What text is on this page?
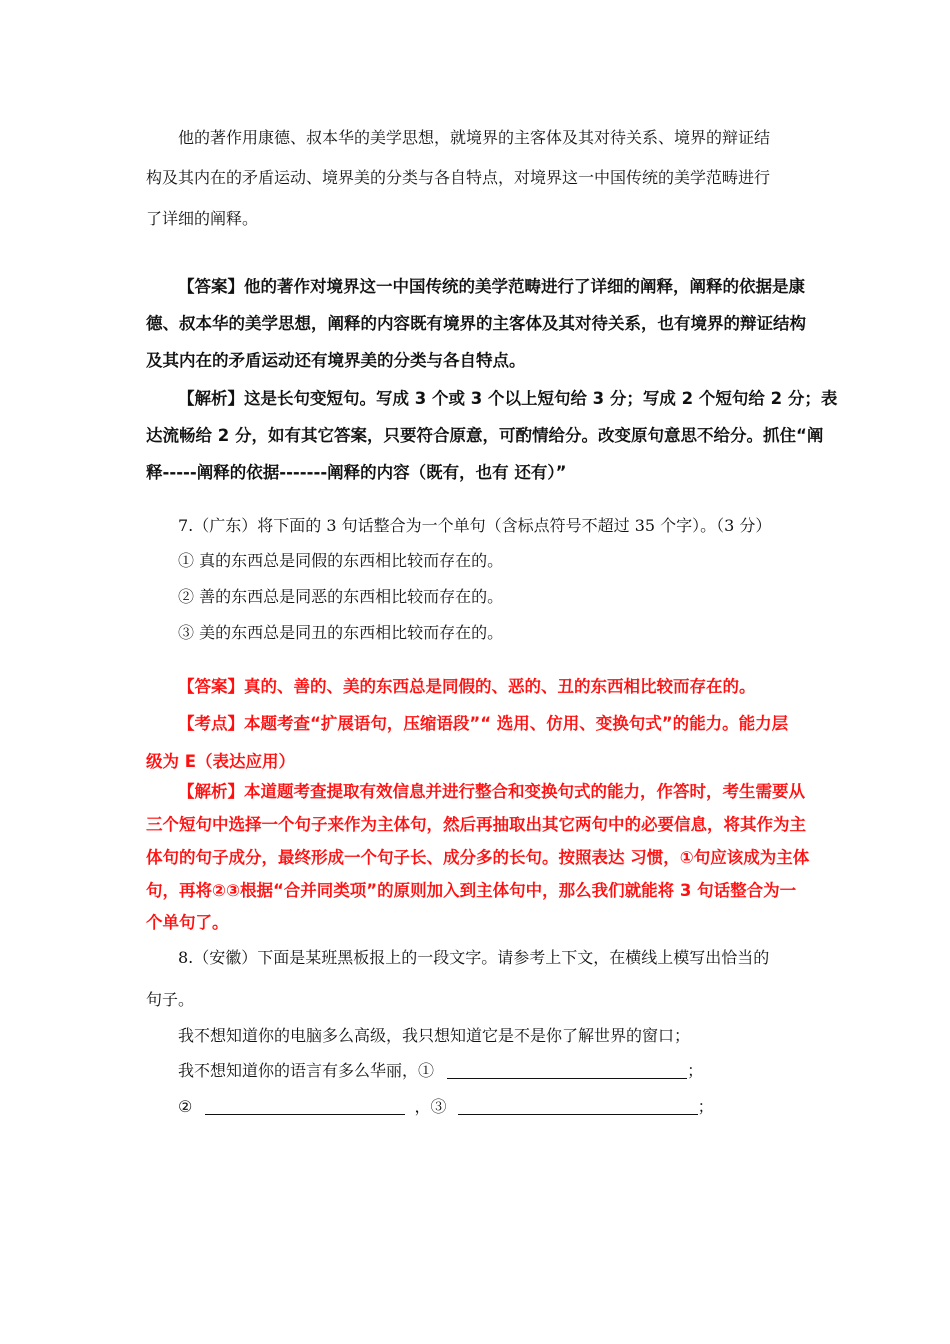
他的著作用康德、叔本华的美学思想，就境界的主客体及其对待关系、境界的辩证结
构及其内在的矛盾运动、境界美的分类与各自特点，对境界这一中国传统的美学范畴进行
了详细的阐释。
【答案】他的著作对境界这一中国传统的美学范畴进行了详细的阐释，阐释的依据是康
德、叔本华的美学思想，阐释的内容既有境界的主客体及其对待关系，也有境界的辩证结构
及其内在的矛盾运动还有境界美的分类与各自特点。
【解析】这是长句变短句。写成 3 个或 3 个以上短句给 3 分；写成 2 个短句给 2 分；表
达流畅给 2 分，如有其它答案，只要符合原意，可酌情给分。改变原句意思不给分。抓住“阐
释-----阐释的依据-------阐释的内容（既有，也有 还有）”
7.（广东）将下面的 3 句话整合为一个单句（含标点符号不超过 35 个字）。（3 分）
① 真的东西总是同假的东西相比较而存在的。
② 善的东西总是同恶的东西相比较而存在的。
③ 美的东西总是同丑的东西相比较而存在的。
【答案】真的、善的、美的东西总是同假的、恶的、丑的东西相比较而存在的。
【考点】本题考查“扩展语句，压缩语段”“ 选用、仿用、变换句式”的能力。能力层
级为 E（表达应用）
【解析】本道题考查提取有效信息并进行整合和变换句式的能力，作答时，考生需要从
三个短句中选择一个句子来作为主体句，然后再抽取出其它两句中的必要信息，将其作为主
体句的句子成分，最终形成一个句子长、成分多的长句。按照表达 习惯，①句应该成为主体
句，再将②③根据“合并同类项”的原则加入到主体句中，那么我们就能将 3 句话整合为一
个单句了。
8.（安徽）下面是某班黑板报上的一段文字。请参考上下文，在横线上模写出恰当的
句子。
我不想知道你的电脑多么高级，我只想知道它是不是你了解世界的窗口；
我不想知道你的语言有多么华丽，①	；
②	，③	；
